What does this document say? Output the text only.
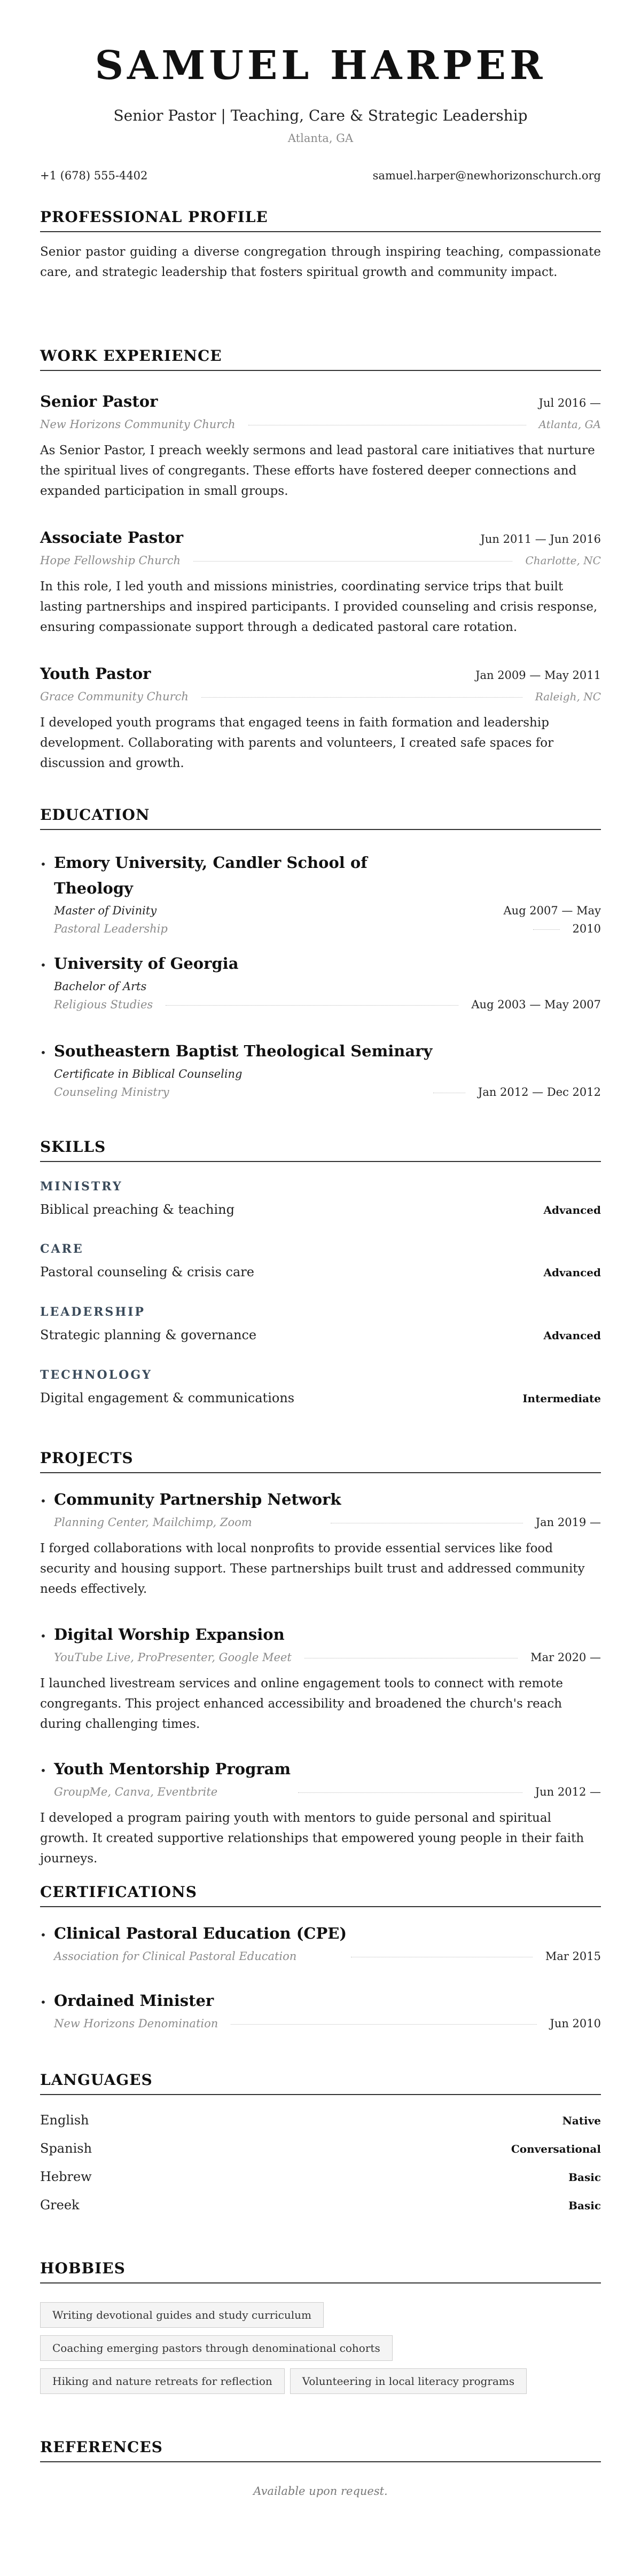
SAMUEL HARPER
Senior Pastor | Teaching, Care & Strategic Leadership
Atlanta, GA
+1 (678) 555-4402	samuel.harper@newhorizonschurch.org
PROFESSIONAL PROFILE
Senior pastor guiding a diverse congregation through inspiring teaching, compassionate care, and strategic leadership that fosters spiritual growth and community impact.
WORK EXPERIENCE
Senior Pastor	Jul 2016 —
New Horizons Community Church	Atlanta, GA
As Senior Pastor, I preach weekly sermons and lead pastoral care initiatives that nurture the spiritual lives of congregants. These efforts have fostered deeper connections and expanded participation in small groups.
Associate Pastor	Jun 2011 — Jun 2016
Hope Fellowship Church	Charlotte, NC
In this role, I led youth and missions ministries, coordinating service trips that built lasting partnerships and inspired participants. I provided counseling and crisis response, ensuring compassionate support through a dedicated pastoral care rotation.
Youth Pastor	Jan 2009 — May 2011
Grace Community Church	Raleigh, NC
I developed youth programs that engaged teens in faith formation and leadership development. Collaborating with parents and volunteers, I created safe spaces for discussion and growth.
EDUCATION
• Emory University, Candler School of
Theology
Master of Divinity	Aug 2007 — May
Pastoral Leadership	2010
• University of Georgia
Bachelor of Arts
Religious Studies	Aug 2003 — May 2007
• Southeastern Baptist Theological Seminary
Certificate in Biblical Counseling
Counseling Ministry	Jan 2012 — Dec 2012
SKILLS
MINISTRY
Biblical preaching & teaching	Advanced
CARE
Pastoral counseling & crisis care	Advanced
LEADERSHIP
Strategic planning & governance	Advanced
TECHNOLOGY
Digital engagement & communications	Intermediate
PROJECTS
• Community Partnership Network
Planning Center, Mailchimp, Zoom	Jan 2019 —
I forged collaborations with local nonprofits to provide essential services like food security and housing support. These partnerships built trust and addressed community needs effectively.
• Digital Worship Expansion
YouTube Live, ProPresenter, Google Meet	Mar 2020 —
I launched livestream services and online engagement tools to connect with remote congregants. This project enhanced accessibility and broadened the church's reach during challenging times.
• Youth Mentorship Program
GroupMe, Canva, Eventbrite	Jun 2012 —
I developed a program pairing youth with mentors to guide personal and spiritual growth. It created supportive relationships that empowered young people in their faith journeys.
CERTIFICATIONS
• Clinical Pastoral Education (CPE)
Association for Clinical Pastoral Education	Mar 2015
• Ordained Minister
New Horizons Denomination	Jun 2010
LANGUAGES
English	Native
Spanish	Conversational
Hebrew	Basic
Greek	Basic
HOBBIES
Writing devotional guides and study curriculum
Coaching emerging pastors through denominational cohorts
Hiking and nature retreats for reflection	Volunteering in local literacy programs
REFERENCES
Available upon request.
